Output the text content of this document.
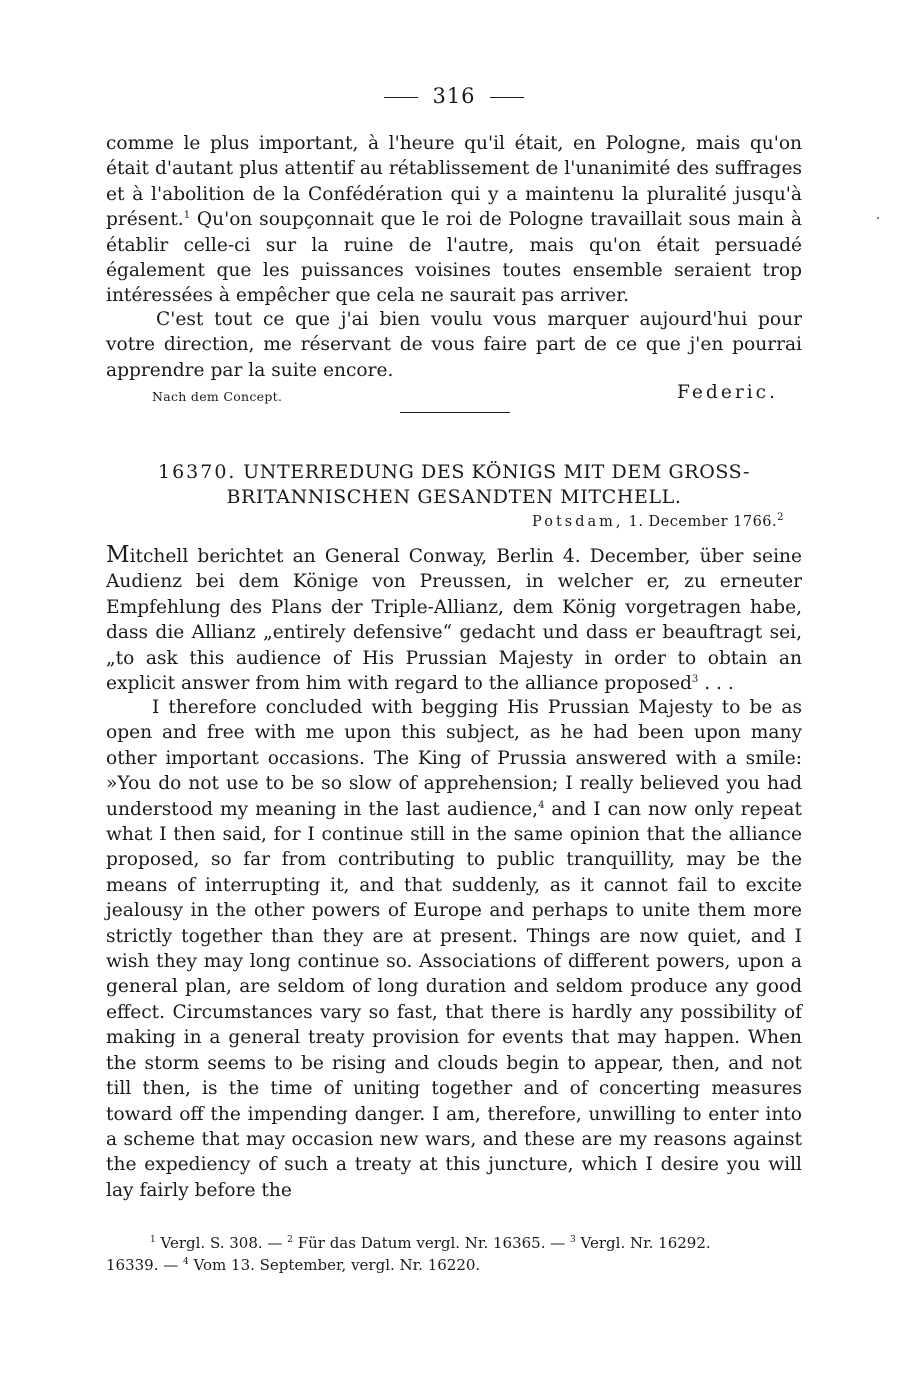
316

comme le plus important, à l'heure qu'il était, en Pologne, mais qu'on était d'autant plus attentif au rétablissement de l'unanimité des suffrages et à l'abolition de la Confédération qui y a maintenu la pluralité jusqu'à présent.$^1$ Qu'on soupçonnait que le roi de Pologne travaillait sous main à établir celle-ci sur la ruine de l'autre, mais qu'on était persuadé également que les puissances voisines toutes ensemble seraient trop intéressées à empêcher que cela ne saurait pas arriver.

C'est tout ce que j'ai bien voulu vous marquer aujourd'hui pour votre direction, me réservant de vous faire part de ce que j'en pourrai apprendre par la suite encore.

Nach dem Concept.	Federic.
16370. UNTERREDUNG DES KÖNIGS MIT DEM GROSS-
BRITANNISCHEN GESANDTEN MITCHELL.
Potsdam, 1. December 1766.$^2$

Mitchell berichtet an General Conway, Berlin 4. December, über seine Audienz bei dem Könige von Preussen, in welcher er, zu erneuter Empfehlung des Plans der Triple-Allianz, dem König vorgetragen habe, dass die Allianz „entirely defensive“ gedacht und dass er beauftragt sei, „to ask this audience of His Prussian Majesty in order to obtain an explicit answer from him with regard to the alliance proposed$^3$ . . .

I therefore concluded with begging His Prussian Majesty to be as open and free with me upon this subject, as he had been upon many other important occasions. The King of Prussia answered with a smile: »You do not use to be so slow of apprehension; I really believed you had understood my meaning in the last audience,$^4$ and I can now only repeat what I then said, for I continue still in the same opinion that the alliance proposed, so far from contributing to public tranquillity, may be the means of interrupting it, and that suddenly, as it cannot fail to excite jealousy in the other powers of Europe and perhaps to unite them more strictly together than they are at present. Things are now quiet, and I wish they may long continue so. Associations of different powers, upon a general plan, are seldom of long duration and seldom produce any good effect. Circumstances vary so fast, that there is hardly any possibility of making in a general treaty provision for events that may happen. When the storm seems to be rising and clouds begin to appear, then, and not till then, is the time of uniting together and of concerting measures toward off the impending danger. I am, therefore, unwilling to enter into a scheme that may occasion new wars, and these are my reasons against the expediency of such a treaty at this juncture, which I desire you will lay fairly before the

$^1$ Vergl. S. 308. — $^2$ Für das Datum vergl. Nr. 16365. — $^3$ Vergl. Nr. 16292.
16339. — $^4$ Vom 13. September, vergl. Nr. 16220.
